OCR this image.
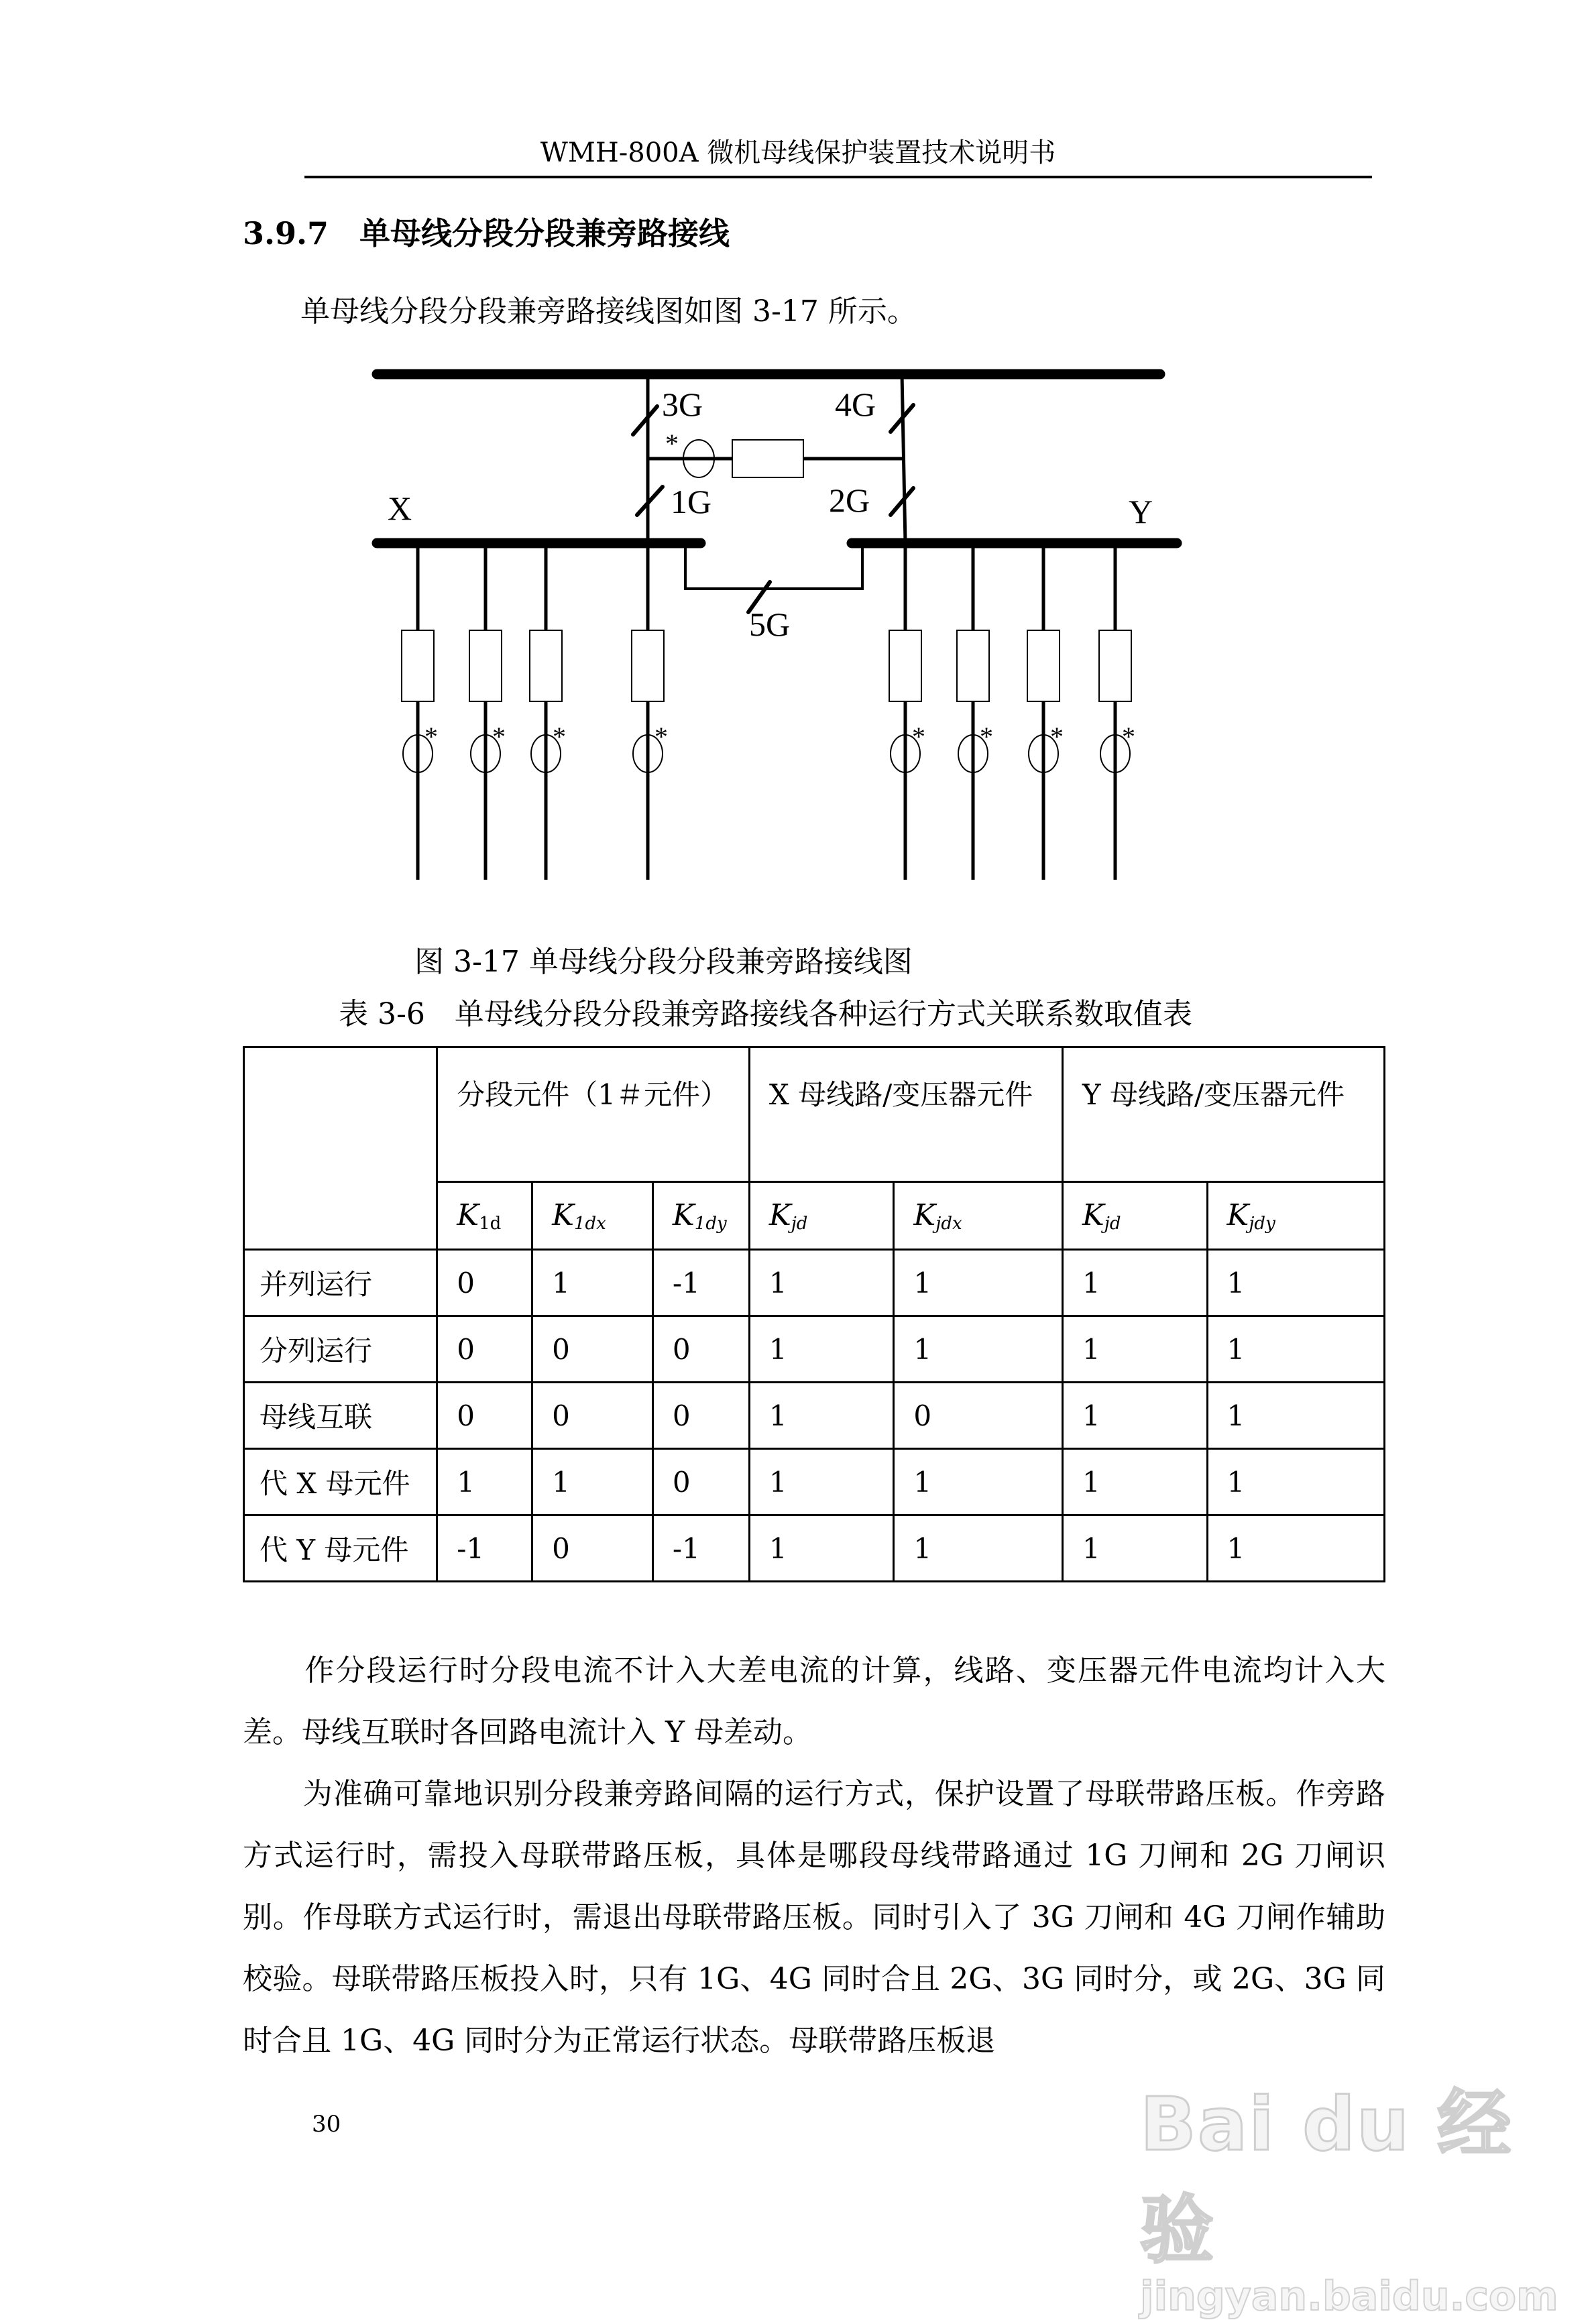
WMH-800A 微机母线保护装置技术说明书
3.9.7　单母线分段分段兼旁路接线
单母线分段分段兼旁路接线图如图 3-17 所示。
3G	4G
1G	2G
5G
X	Y
*
* * *	*	* * * *
图 3-17 单母线分段分段兼旁路接线图
表 3-6　单母线分段分段兼旁路接线各种运行方式关联系数取值表
	分段元件（1＃元件）			X 母线路/变压器元件		Y 母线路/变压器元件	
	$K_{1d}$	$K_{1dx}$	$K_{1dy}$	$K_{jd}$	$K_{jdx}$	$K_{jd}$	$K_{jdy}$
并列运行	0	1	-1	1	1	1	1
分列运行	0	0	0	1	1	1	1
母线互联	0	0	0	1	0	1	1
代 X 母元件	1	1	0	1	1	1	1
代 Y 母元件	-1	0	-1	1	1	1	1
　　作分段运行时分段电流不计入大差电流的计算，线路、变压器元件电流均计入大差。母线互联时各回路电流计入 Y 母差动。
　　为准确可靠地识别分段兼旁路间隔的运行方式，保护设置了母联带路压板。作旁路方式运行时，需投入母联带路压板，具体是哪段母线带路通过 1G 刀闸和 2G 刀闸识别。作母联方式运行时，需退出母联带路压板。同时引入了 3G 刀闸和 4G 刀闸作辅助校验。母联带路压板投入时，只有 1G、4G 同时合且 2G、3G 同时分，或 2G、3G 同时合且 1G、4G 同时分为正常运行状态。母联带路压板退
30	Bai du 经验
jingyan.baidu.com
